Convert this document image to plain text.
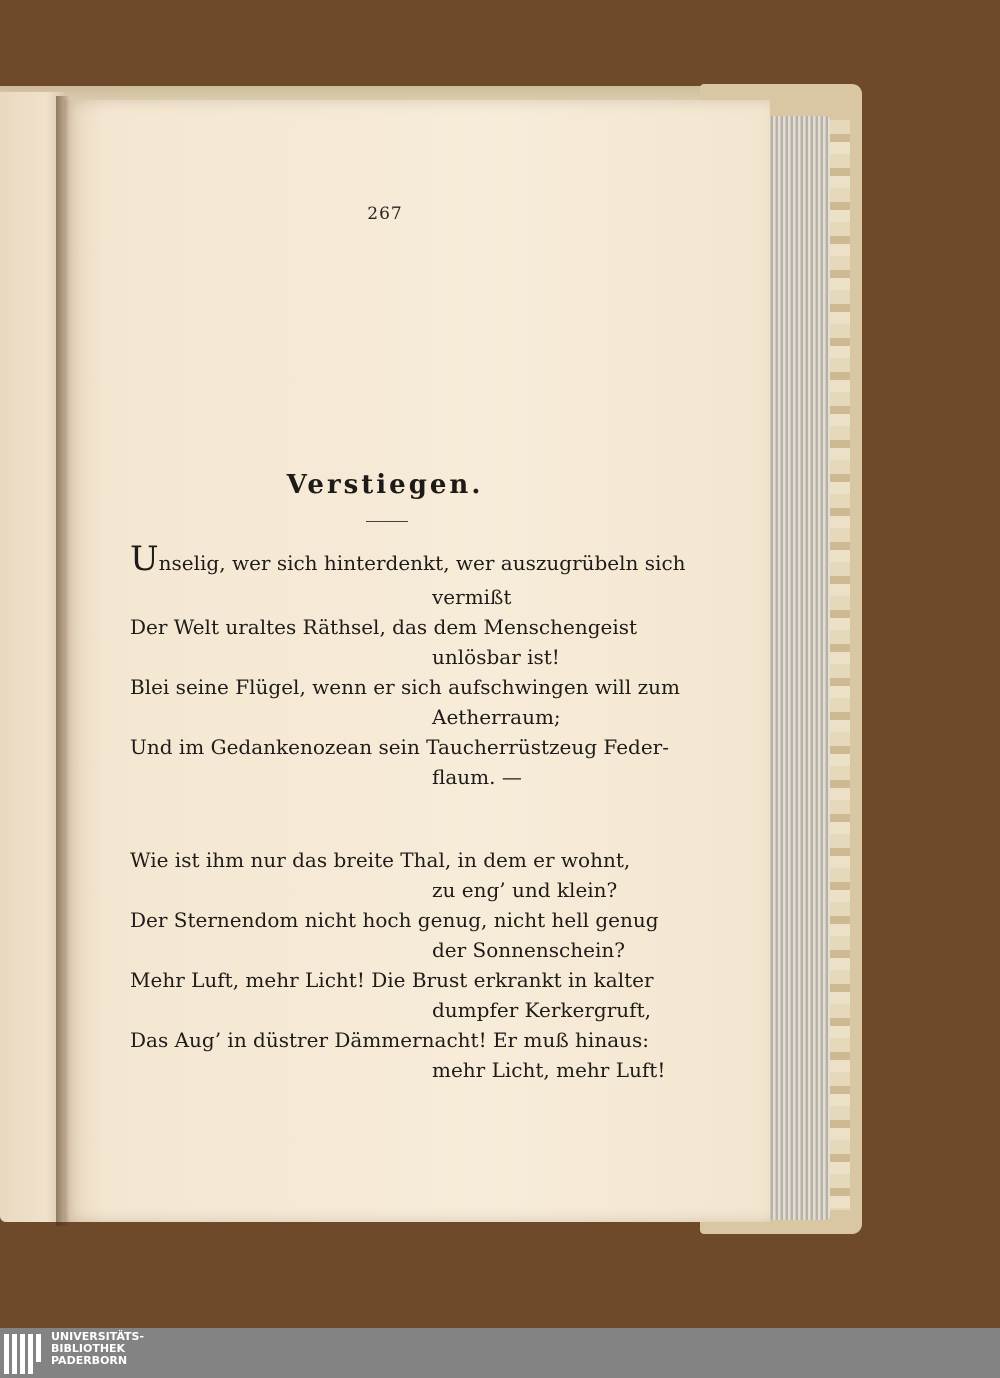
267
Verstiegen.
Unselig, wer sich hinterdenkt, wer auszugrübeln sich
vermißt
Der Welt uraltes Räthsel, das dem Menschengeist
unlösbar ist!
Blei seine Flügel, wenn er sich aufschwingen will zum
Aetherraum;
Und im Gedankenozean sein Taucherrüstzeug Feder-
flaum. —
Wie ist ihm nur das breite Thal, in dem er wohnt,
zu eng’ und klein?
Der Sternendom nicht hoch genug, nicht hell genug
der Sonnenschein?
Mehr Luft, mehr Licht! Die Brust erkrankt in kalter
dumpfer Kerkergruft,
Das Aug’ in düstrer Dämmernacht! Er muß hinaus:
mehr Licht, mehr Luft!
UNIVERSITÄTS-
BIBLIOTHEK
PADERBORN
